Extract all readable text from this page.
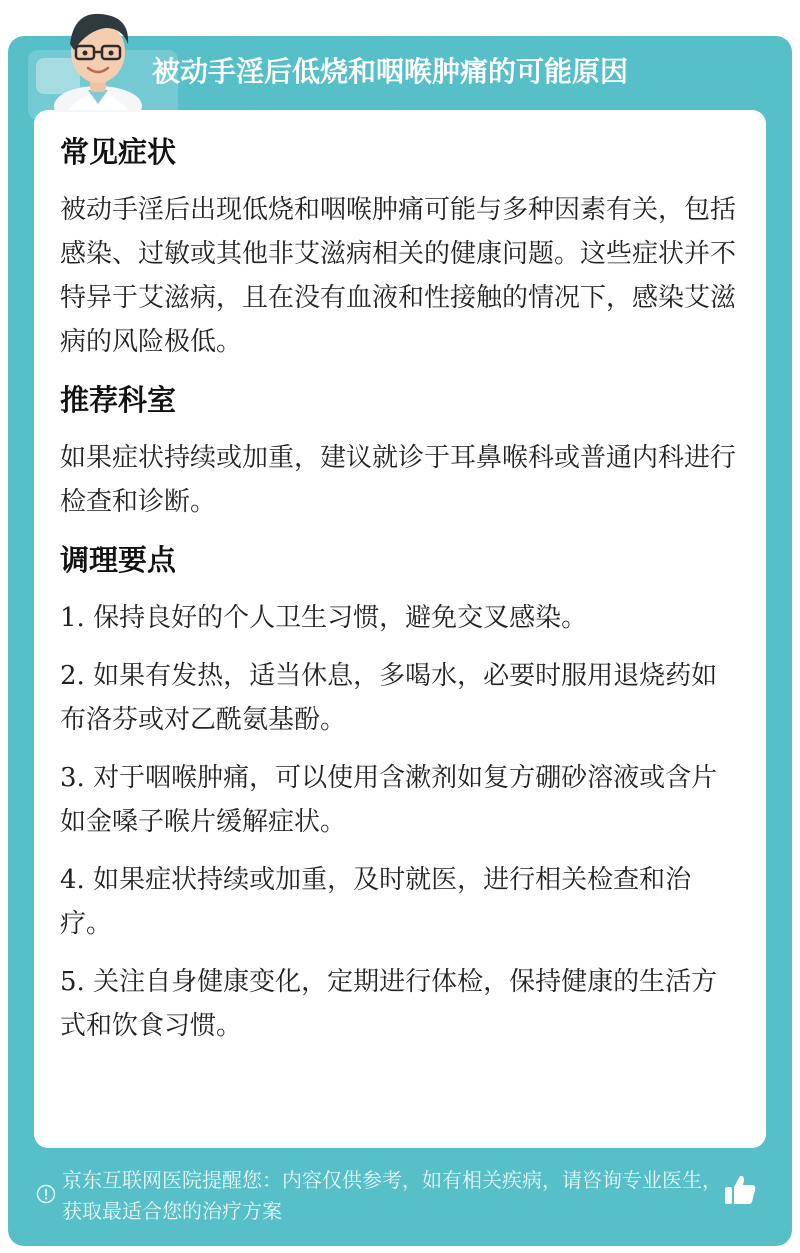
被动手淫后低烧和咽喉肿痛的可能原因
常见症状
被动手淫后出现低烧和咽喉肿痛可能与多种因素有关，包括感染、过敏或其他非艾滋病相关的健康问题。这些症状并不特异于艾滋病，且在没有血液和性接触的情况下，感染艾滋病的风险极低。
推荐科室
如果症状持续或加重，建议就诊于耳鼻喉科或普通内科进行检查和诊断。
调理要点
1. 保持良好的个人卫生习惯，避免交叉感染。
2. 如果有发热，适当休息，多喝水，必要时服用退烧药如布洛芬或对乙酰氨基酚。
3. 对于咽喉肿痛，可以使用含漱剂如复方硼砂溶液或含片如金嗓子喉片缓解症状。
4. 如果症状持续或加重，及时就医，进行相关检查和治疗。
5. 关注自身健康变化，定期进行体检，保持健康的生活方式和饮食习惯。
京东互联网医院提醒您：内容仅供参考，如有相关疾病，请咨询专业医生，获取最适合您的治疗方案
